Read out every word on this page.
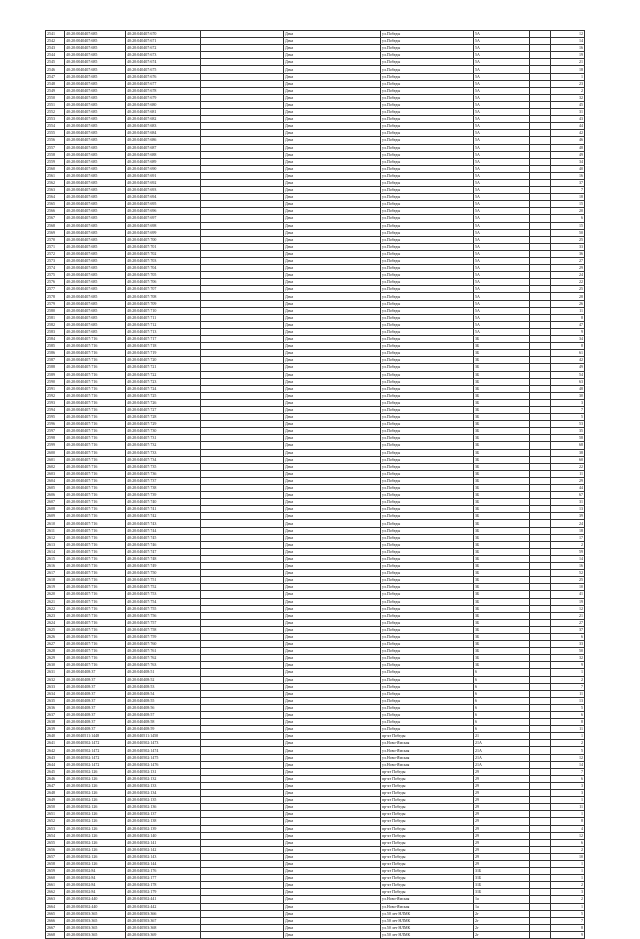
2541	40:20:0040407:685	40:20:040407:670		Дача	ул.Победы	5А		12
2542	40:20:0040407:685	40:20:040407:671		Дача	ул.Победы	5А		14
2543	40:20:0040407:685	40:20:040407:672		Дача	ул.Победы	5А		16
2544	40:20:0040407:685	40:20:040407:673		Дача	ул.Победы	5А		19
2545	40:20:0040407:685	40:20:040407:674		Дача	ул.Победы	5А		21
2546	40:20:0040407:685	40:20:040407:675		Дача	ул.Победы	5А		18
2547	40:20:0040407:685	40:20:040407:676		Дача	ул.Победы	5А		1
2548	40:20:0040407:685	40:20:040407:677		Дача	ул.Победы	5А		23
2549	40:20:0040407:685	40:20:040407:678		Дача	ул.Победы	5А		2
2550	40:20:0040407:685	40:20:040407:679		Дача	ул.Победы	5А		32
2551	40:20:0040407:685	40:20:040407:680		Дача	ул.Победы	5А		45
2552	40:20:0040407:685	40:20:040407:681		Дача	ул.Победы	5А		31
2553	40:20:0040407:685	40:20:040407:682		Дача	ул.Победы	5А		43
2554	40:20:0040407:685	40:20:040407:683		Дача	ул.Победы	5А		44
2555	40:20:0040407:685	40:20:040407:684		Дача	ул.Победы	5А		42
2556	40:20:0040407:685	40:20:040407:686		Дача	ул.Победы	5А		46
2557	40:20:0040407:685	40:20:040407:687		Дача	ул.Победы	5А		48
2558	40:20:0040407:685	40:20:040407:688		Дача	ул.Победы	5А		49
2559	40:20:0040407:685	40:20:040407:689		Дача	ул.Победы	5А		34
2560	40:20:0040407:685	40:20:040407:690		Дача	ул.Победы	5А		40
2561	40:20:0040407:685	40:20:040407:691		Дача	ул.Победы	5А		16
2562	40:20:0040407:685	40:20:040407:692		Дача	ул.Победы	5А		37
2563	40:20:0040407:685	40:20:040407:693		Дача	ул.Победы	5А		7
2564	40:20:0040407:685	40:20:040407:694		Дача	ул.Победы	5А		18
2565	40:20:0040407:685	40:20:040407:695		Дача	ул.Победы	5А		15
2566	40:20:0040407:685	40:20:040407:696		Дача	ул.Победы	5А		20
2567	40:20:0040407:685	40:20:040407:697		Дача	ул.Победы	5А		6
2568	40:20:0040407:685	40:20:040407:698		Дача	ул.Победы	5А		15
2569	40:20:0040407:685	40:20:040407:699		Дача	ул.Победы	5А		50
2570	40:20:0040407:685	40:20:040407:700		Дача	ул.Победы	5А		25
2571	40:20:0040407:685	40:20:040407:701		Дача	ул.Победы	5А		33
2572	40:20:0040407:685	40:20:040407:702		Дача	ул.Победы	5А		36
2573	40:20:0040407:685	40:20:040407:703		Дача	ул.Победы	5А		27
2574	40:20:0040407:685	40:20:040407:704		Дача	ул.Победы	5А		29
2575	40:20:0040407:685	40:20:040407:705		Дача	ул.Победы	5А		24
2576	40:20:0040407:685	40:20:040407:706		Дача	ул.Победы	5А		22
2577	40:20:0040407:685	40:20:040407:707		Дача	ул.Победы	5А		25
2578	40:20:0040407:685	40:20:040407:708		Дача	ул.Победы	5А		28
2579	40:20:0040407:685	40:20:040407:709		Дача	ул.Победы	5А		26
2580	40:20:0040407:685	40:20:040407:710		Дача	ул.Победы	5А		11
2581	40:20:0040407:685	40:20:040407:711		Дача	ул.Победы	5А		8
2582	40:20:0040407:685	40:20:040407:712		Дача	ул.Победы	5А		47
2583	40:20:0040407:685	40:20:040407:713		Дача	ул.Победы	5А		9
2584	40:20:0040407:716	40:20:040407:717		Дача	ул.Победы	3Б		34
2585	40:20:0040407:716	40:20:040407:718		Дача	ул.Победы	3Б		8
2586	40:20:0040407:716	40:20:040407:719		Дача	ул.Победы	3Б		61
2587	40:20:0040407:716	40:20:040407:720		Дача	ул.Победы	3Б		42
2588	40:20:0040407:716	40:20:040407:721		Дача	ул.Победы	3Б		49
2589	40:20:0040407:716	40:20:040407:722		Дача	ул.Победы	3Б		54
2590	40:20:0040407:716	40:20:040407:723		Дача	ул.Победы	3Б		63
2591	40:20:0040407:716	40:20:040407:724		Дача	ул.Победы	3Б		48
2592	40:20:0040407:716	40:20:040407:725		Дача	ул.Победы	3Б		30
2593	40:20:0040407:716	40:20:040407:726		Дача	ул.Победы	3Б		3
2594	40:20:0040407:716	40:20:040407:727		Дача	ул.Победы	3Б		7
2595	40:20:0040407:716	40:20:040407:728		Дача	ул.Победы	3Б		5
2596	40:20:0040407:716	40:20:040407:729		Дача	ул.Победы	3Б		53
2597	40:20:0040407:716	40:20:040407:730		Дача	ул.Победы	3Б		35
2598	40:20:0040407:716	40:20:040407:731		Дача	ул.Победы	3Б		58
2599	40:20:0040407:716	40:20:040407:732		Дача	ул.Победы	3Б		68
2600	40:20:0040407:716	40:20:040407:733		Дача	ул.Победы	3Б		38
2601	40:20:0040407:716	40:20:040407:734		Дача	ул.Победы	3Б		60
2602	40:20:0040407:716	40:20:040407:735		Дача	ул.Победы	3Б		22
2603	40:20:0040407:716	40:20:040407:736		Дача	ул.Победы	3Б		11
2604	40:20:0040407:716	40:20:040407:737		Дача	ул.Победы	3Б		29
2605	40:20:0040407:716	40:20:040407:738		Дача	ул.Победы	3Б		44
2606	40:20:0040407:716	40:20:040407:739		Дача	ул.Победы	3Б		67
2607	40:20:0040407:716	40:20:040407:740		Дача	ул.Победы	3Б		31
2608	40:20:0040407:716	40:20:040407:741		Дача	ул.Победы	3Б		13
2609	40:20:0040407:716	40:20:040407:742		Дача	ул.Победы	3Б		39
2610	40:20:0040407:716	40:20:040407:743		Дача	ул.Победы	3Б		24
2611	40:20:0040407:716	40:20:040407:744		Дача	ул.Победы	3Б		18
2612	40:20:0040407:716	40:20:040407:745		Дача	ул.Победы	3Б		17
2613	40:20:0040407:716	40:20:040407:746		Дача	ул.Победы	3Б		2
2614	40:20:0040407:716	40:20:040407:747		Дача	ул.Победы	3Б		59
2615	40:20:0040407:716	40:20:040407:748		Дача	ул.Победы	3Б		14
2616	40:20:0040407:716	40:20:040407:749		Дача	ул.Победы	3Б		16
2617	40:20:0040407:716	40:20:040407:750		Дача	ул.Победы	3Б		52
2618	40:20:0040407:716	40:20:040407:751		Дача	ул.Победы	3Б		25
2619	40:20:0040407:716	40:20:040407:752		Дача	ул.Победы	3Б		10
2620	40:20:0040407:716	40:20:040407:753		Дача	ул.Победы	3Б		41
2621	40:20:0040407:716	40:20:040407:754		Дача	ул.Победы	3Б		19
2622	40:20:0040407:716	40:20:040407:755		Дача	ул.Победы	3Б		12
2623	40:20:0040407:716	40:20:040407:756		Дача	ул.Победы	3Б		21
2624	40:20:0040407:716	40:20:040407:757		Дача	ул.Победы	3Б		27
2625	40:20:0040407:716	40:20:040407:758		Дача	ул.Победы	3Б		37
2626	40:20:0040407:716	40:20:040407:759		Дача	ул.Победы	3Б		6
2627	40:20:0040407:716	40:20:040407:760		Дача	ул.Победы	3Б		33
2628	40:20:0040407:716	40:20:040407:761		Дача	ул.Победы	3Б		50
2629	40:20:0040407:716	40:20:040407:762		Дача	ул.Победы	3Б		32
2630	40:20:0040407:716	40:20:040407:763		Дача	ул.Победы	3Б		9
2631	40:20:0040408:37	40:20:040408:51		Дача	ул.Победы	6		1
2632	40:20:0040408:37	40:20:040408:52		Дача	ул.Победы	6		2
2633	40:20:0040408:37	40:20:040408:53		Дача	ул.Победы	6		7
2634	40:20:0040408:37	40:20:040408:54		Дача	ул.Победы	6		11
2635	40:20:0040408:37	40:20:040408:55		Дача	ул.Победы	6		13
2636	40:20:0040408:37	40:20:040408:56		Дача	ул.Победы	6		5
2637	40:20:0040408:37	40:20:040408:57		Дача	ул.Победы	6		6
2638	40:20:0040408:37	40:20:040408:58		Дача	ул.Победы	6		8
2639	40:20:0040408:37	40:20:040408:59		Дача	ул.Победы	6		11
2640	40:20:0040511:1448	40:20:040511:1450		Дача	пр-кт Победы	21		1
2641	40:20:0040502:1472	40:20:040502:1473		Дача	ул.Ново-Ямская	21А		2
2642	40:20:0040502:1472	40:20:040502:1474		Дача	ул.Ново-Ямская	21А		5
2643	40:20:0040502:1472	40:20:040502:1475		Дача	ул.Ново-Ямская	21А		12
2644	40:20:0040502:1472	40:20:040502:1476		Дача	ул.Ново-Ямская	21А		14
2645	40:20:0040502:126	40:20:040502:131		Дача	пр-кт Победы	29		7
2646	40:20:0040502:126	40:20:040502:132		Дача	пр-кт Победы	29		6
2647	40:20:0040502:126	40:20:040502:133		Дача	пр-кт Победы	29		3
2648	40:20:0040502:126	40:20:040502:134		Дача	пр-кт Победы	29		3
2649	40:20:0040502:126	40:20:040502:135		Дача	пр-кт Победы	29		1
2650	40:20:0040502:126	40:20:040502:136		Дача	пр-кт Победы	29		11
2651	40:20:0040502:126	40:20:040502:137		Дача	пр-кт Победы	29		1
2652	40:20:0040502:126	40:20:040502:138		Дача	пр-кт Победы	29		8
2653	40:20:0040502:126	40:20:040502:139		Дача	пр-кт Победы	29		4
2654	40:20:0040502:126	40:20:040502:140		Дача	пр-кт Победы	29		12
2655	40:20:0040502:126	40:20:040502:141		Дача	пр-кт Победы	29		6
2656	40:20:0040502:126	40:20:040502:142		Дача	пр-кт Победы	29		2
2657	40:20:0040502:126	40:20:040502:143		Дача	пр-кт Победы	29		10
2658	40:20:0040502:126	40:20:040502:144		Дача	пр-кт Победы	29		1
2659	40:20:0040502:84	40:20:040502:176		Дача	пр-кт Победы	31Б		1
2660	40:20:0040502:84	40:20:040502:177		Дача	пр-кт Победы	31Б		1
2661	40:20:0040502:84	40:20:040502:178		Дача	пр-кт Победы	31Б		2
2662	40:20:0040502:84	40:20:040502:179		Дача	пр-кт Победы	31Б		3
2663	40:20:0040502:440	40:20:040502:441		Дача	ул.Ново-Ямская	1а		2
2664	40:20:0040502:440	40:20:040502:442		Дача	ул.Ново-Ямская	1а		1
2665	40:20:0040503:365	40:20:040503:366		Дача	ул.50 лет НЛМК	2г		5
2666	40:20:0040503:365	40:20:040503:367		Дача	ул.50 лет НЛМК	2г		7
2667	40:20:0040503:365	40:20:040503:368		Дача	ул.50 лет НЛМК	2г		8
2668	40:20:0040503:365	40:20:040503:369		Дача	ул.50 лет НЛМК	2г		9
